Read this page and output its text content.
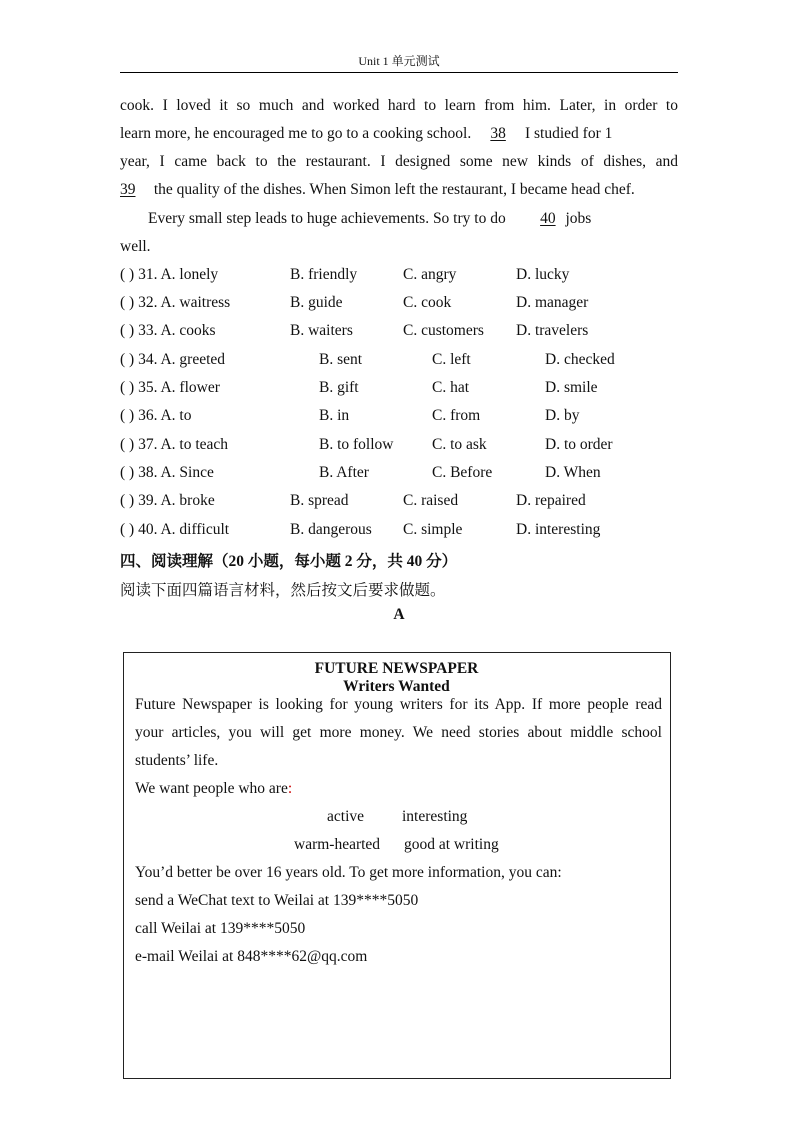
Unit 1 单元测试
cook. I loved it so much and worked hard to learn from him. Later, in order to
learn more, he encouraged me to go to a cooking school. 38 I studied for 1
year, I came back to the restaurant. I designed some new kinds of dishes, and
39 the quality of the dishes. When Simon left the restaurant, I became head chef.
Every small step leads to huge achievements. So try to do 40 jobs
well.
( ) 31. A. lonely	B. friendly	C. angry	D. lucky
( ) 32. A. waitress	B. guide	C. cook	D. manager
( ) 33. A. cooks	B. waiters	C. customers D. travelers
( ) 34. A. greeted	B. sent	C. left	D. checked
( ) 35. A. flower	B. gift	C. hat	D. smile
( ) 36. A. to	B. in	C. from	D. by
( ) 37. A. to teach	B. to follow C. to ask	D. to order
( ) 38. A. Since	B. After	C. Before	D. When
( ) 39. A. broke	B. spread	C. raised	D. repaired
( ) 40. A. difficult	B. dangerous C. simple	D. interesting
四、阅读理解（20 小题，每小题 2 分，共 40 分）
阅读下面四篇语言材料，然后按文后要求做题。
A
FUTURE NEWSPAPER
Writers Wanted
Future Newspaper is looking for young writers for its App. If more people read
your articles, you will get more money. We need stories about middle school
students’ life.
We want people who are:
active interesting
warm-hearted good at writing
You’d better be over 16 years old. To get more information, you can:
send a WeChat text to Weilai at 139****5050
call Weilai at 139****5050
e-mail Weilai at 848****62@qq.com
